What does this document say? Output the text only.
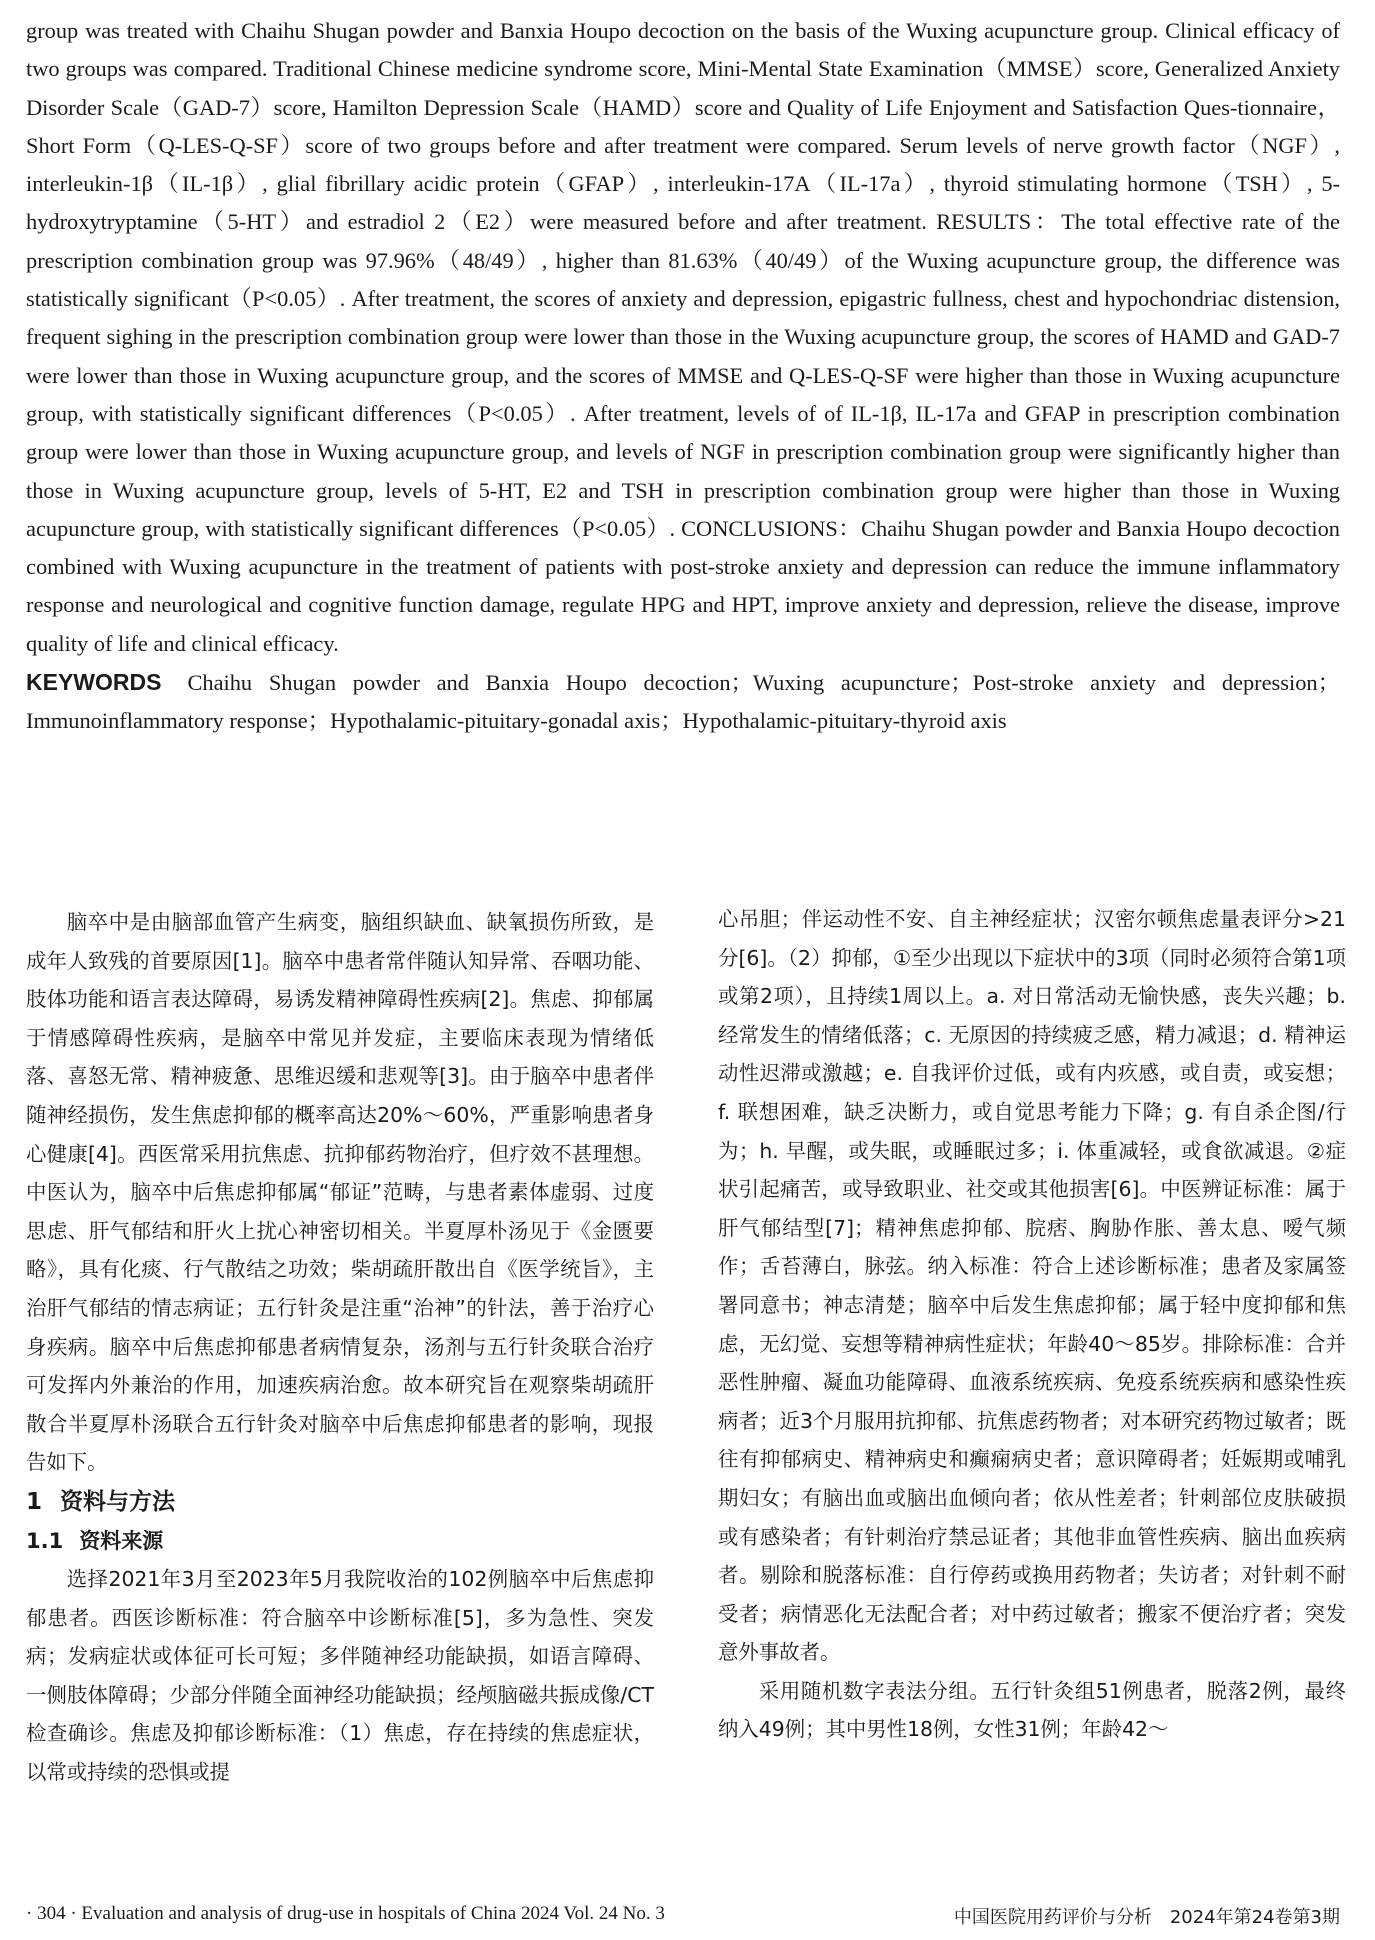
group was treated with Chaihu Shugan powder and Banxia Houpo decoction on the basis of the Wuxing acupuncture group. Clinical efficacy of two groups was compared. Traditional Chinese medicine syndrome score, Mini-Mental State Examination（MMSE）score, Generalized Anxiety Disorder Scale（GAD-7）score, Hamilton Depression Scale（HAMD）score and Quality of Life Enjoyment and Satisfaction Ques-tionnaire，Short Form（Q-LES-Q-SF）score of two groups before and after treatment were compared. Serum levels of nerve growth factor（NGF）, interleukin-1β（IL-1β）, glial fibrillary acidic protein（GFAP）, interleukin-17A（IL-17a）, thyroid stimulating hormone（TSH）, 5-hydroxytryptamine（5-HT）and estradiol 2（E2）were measured before and after treatment. RESULTS：The total effective rate of the prescription combination group was 97.96%（48/49）, higher than 81.63%（40/49）of the Wuxing acupuncture group, the difference was statistically significant（P<0.05）. After treatment, the scores of anxiety and depression, epigastric fullness, chest and hypochondriac distension, frequent sighing in the prescription combination group were lower than those in the Wuxing acupuncture group, the scores of HAMD and GAD-7 were lower than those in Wuxing acupuncture group, and the scores of MMSE and Q-LES-Q-SF were higher than those in Wuxing acupuncture group, with statistically significant differences（P<0.05）. After treatment, levels of of IL-1β, IL-17a and GFAP in prescription combination group were lower than those in Wuxing acupuncture group, and levels of NGF in prescription combination group were significantly higher than those in Wuxing acupuncture group, levels of 5-HT, E2 and TSH in prescription combination group were higher than those in Wuxing acupuncture group, with statistically significant differences（P<0.05）. CONCLUSIONS：Chaihu Shugan powder and Banxia Houpo decoction combined with Wuxing acupuncture in the treatment of patients with post-stroke anxiety and depression can reduce the immune inflammatory response and neurological and cognitive function damage, regulate HPG and HPT, improve anxiety and depression, relieve the disease, improve quality of life and clinical efficacy.

KEYWORDS Chaihu Shugan powder and Banxia Houpo decoction；Wuxing acupuncture；Post-stroke anxiety and depression；Immunoinflammatory response；Hypothalamic-pituitary-gonadal axis；Hypothalamic-pituitary-thyroid axis

脑卒中是由脑部血管产生病变，脑组织缺血、缺氧损伤所致，是成年人致残的首要原因[1]。脑卒中患者常伴随认知异常、吞咽功能、肢体功能和语言表达障碍，易诱发精神障碍性疾病[2]。焦虑、抑郁属于情感障碍性疾病，是脑卒中常见并发症，主要临床表现为情绪低落、喜怒无常、精神疲惫、思维迟缓和悲观等[3]。由于脑卒中患者伴随神经损伤，发生焦虑抑郁的概率高达20%～60%，严重影响患者身心健康[4]。西医常采用抗焦虑、抗抑郁药物治疗，但疗效不甚理想。中医认为，脑卒中后焦虑抑郁属“郁证”范畴，与患者素体虚弱、过度思虑、肝气郁结和肝火上扰心神密切相关。半夏厚朴汤见于《金匮要略》，具有化痰、行气散结之功效；柴胡疏肝散出自《医学统旨》，主治肝气郁结的情志病证；五行针灸是注重“治神”的针法，善于治疗心身疾病。脑卒中后焦虑抑郁患者病情复杂，汤剂与五行针灸联合治疗可发挥内外兼治的作用，加速疾病治愈。故本研究旨在观察柴胡疏肝散合半夏厚朴汤联合五行针灸对脑卒中后焦虑抑郁患者的影响，现报告如下。

1 资料与方法
1.1 资料来源

选择2021年3月至2023年5月我院收治的102例脑卒中后焦虑抑郁患者。西医诊断标准：符合脑卒中诊断标准[5]，多为急性、突发病；发病症状或体征可长可短；多伴随神经功能缺损，如语言障碍、一侧肢体障碍；少部分伴随全面神经功能缺损；经颅脑磁共振成像/CT检查确诊。焦虑及抑郁诊断标准：（1）焦虑，存在持续的焦虑症状，以常或持续的恐惧或提

心吊胆；伴运动性不安、自主神经症状；汉密尔顿焦虑量表评分>21分[6]。（2）抑郁，①至少出现以下症状中的3项（同时必须符合第1项或第2项），且持续1周以上。a. 对日常活动无愉快感，丧失兴趣；b. 经常发生的情绪低落；c. 无原因的持续疲乏感，精力减退；d. 精神运动性迟滞或激越；e. 自我评价过低，或有内疚感，或自责，或妄想；f. 联想困难，缺乏决断力，或自觉思考能力下降；g. 有自杀企图/行为；h. 早醒，或失眠，或睡眠过多；i. 体重减轻，或食欲减退。②症状引起痛苦，或导致职业、社交或其他损害[6]。中医辨证标准：属于肝气郁结型[7]；精神焦虑抑郁、脘痞、胸胁作胀、善太息、嗳气频作；舌苔薄白，脉弦。纳入标准：符合上述诊断标准；患者及家属签署同意书；神志清楚；脑卒中后发生焦虑抑郁；属于轻中度抑郁和焦虑，无幻觉、妄想等精神病性症状；年龄40～85岁。排除标准：合并恶性肿瘤、凝血功能障碍、血液系统疾病、免疫系统疾病和感染性疾病者；近3个月服用抗抑郁、抗焦虑药物者；对本研究药物过敏者；既往有抑郁病史、精神病史和癫痫病史者；意识障碍者；妊娠期或哺乳期妇女；有脑出血或脑出血倾向者；依从性差者；针刺部位皮肤破损或有感染者；有针刺治疗禁忌证者；其他非血管性疾病、脑出血疾病者。剔除和脱落标准：自行停药或换用药物者；失访者；对针刺不耐受者；病情恶化无法配合者；对中药过敏者；搬家不便治疗者；突发意外事故者。

采用随机数字表法分组。五行针灸组51例患者，脱落2例，最终纳入49例；其中男性18例，女性31例；年龄42～

· 304 · Evaluation and analysis of drug-use in hospitals of China 2024 Vol. 24 No. 3	中国医院用药评价与分析　2024年第24卷第3期
